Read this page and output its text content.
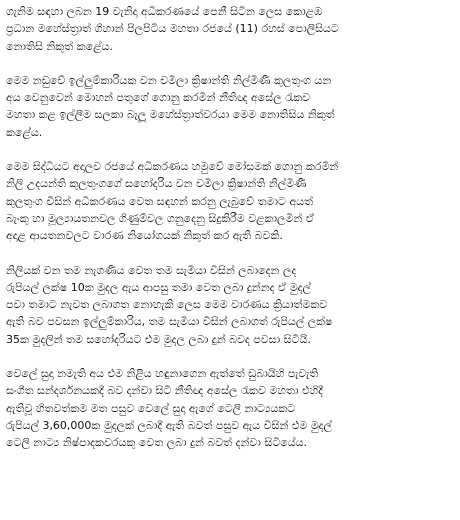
ගැනිම සඳහා ලබන 19 වැනිදා අධිකරණයේ පෙනී සිටින ලෙස කොළඹ
ප්‍රධාන මහේස්ත්‍රාත් ගිහාන් පිලපිටිය මහතා රජයේ (11) රහස් පොලිසියට
නොතිසි නිකුත් කළේය.
මෙම නඩුවේ ඉල්ලුම්කාරියක වන චමිලා ක්‍රිෂාන්ති නිල්මිණී කුලතුංග යන
අය වෙනුවෙන් මොහන් පතුගේ ගොනු කරමින් නීතිඥ අසේල රැකව
මහතා කළ ඉල්ලීම සලකා බැලූ මහේස්ත්‍රාත්වරයා මෙම නොතිසිය නිකුත්
කළේය.
මෙම සිද්ධියට අදාලව රජයේ අධිකරණය හමුවේ මෝසමක් ගොනු කරමින්
නිලි උදයන්ති කුලතුංගගේ සහෝදරිය වන චමිලා ක්‍රිෂාන්ති නිල්මිණී
කුලතුංග විසින් අධිකරණය වෙත සඳහන් කරනු ලැබුවේ තමාට අයත්
බැංකු හා මූල්‍යායතනවල ගිණුම්වල ගනුදෙනු සිදුකිරීම වළකාලමින් ඒ
අදාළ ආයතනවලට වාරණ නියෝගයක් නිකුත් කර ඇති බවකි.
නිලියක් වන තම නැගණිය වෙත තම සැමියා විසින් ලබාදෙන ලද
රුපියල් ලක්ෂ 10ක මුදල ඇය ආපසු තමා වෙත ලබා දුන්නද ඒ මුදල්
පවා තමාට නැවත ලබාගත නොහැකි ලෙස මෙම වාරණය ක්‍රියාත්මකව
ඇති බව පවසන ඉල්ලුම්කාරිය, තම සැමියා විසින් ලබාගත් රුපියල් ලක්ෂ
35ක මුදලින් තම සහෝදරියට එම මුදල ලබා දුන් බවද පවසා සිටියි.
වෙලේ සුදා නමැති අය එම නිළිය හඳුනාගෙන ඇත්තේ ඩුබායිහි පැවැති
සංගීත සන්දර්ශනයකදී බව දන්වා සිටි නීතිඥ අසේල රැකව මහතා එහිදී
ඇතිවූ හිතවත්කම මත පසුව වෙලේ සුදා ඇගේ ටෙලි නාට්‍යයකට
රුපියල් 3,60,000ක මුදලක් ලබාදී ඇති බවත් පසුව ඇය විසින් එම මුදල්
ටෙලි නාට්‍ය නිෂ්පාදකවරයකු වෙත ලබා දුන් බවත් දන්වා සිටියේය.
